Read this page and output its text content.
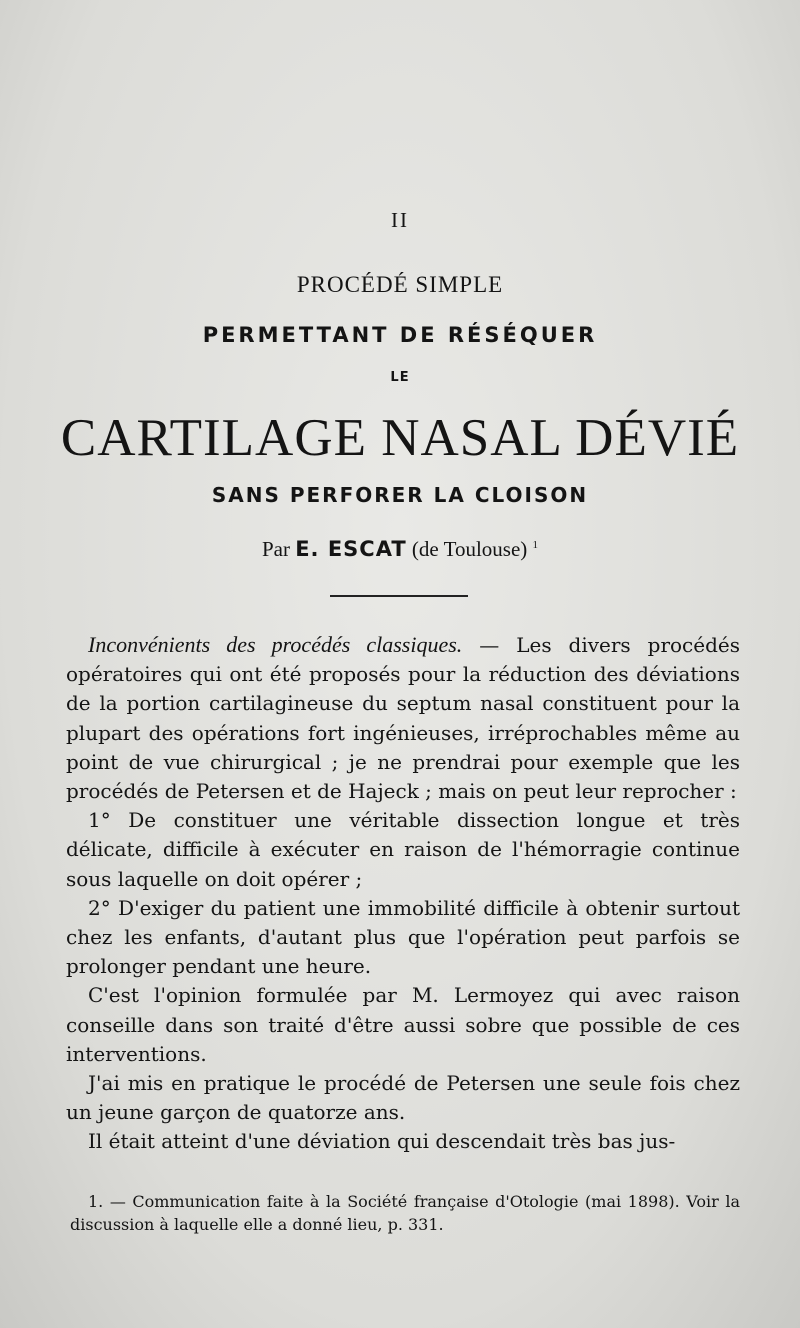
II
PROCÉDÉ SIMPLE
PERMETTANT DE RÉSÉQUER
LE
CARTILAGE NASAL DÉVIÉ
SANS PERFORER LA CLOISON
Par E. ESCAT (de Toulouse) $^1$

Inconvénients des procédés classiques. — Les divers procédés opératoires qui ont été proposés pour la réduction des déviations de la portion cartilagineuse du septum nasal constituent pour la plupart des opérations fort ingénieuses, irréprochables même au point de vue chirurgical ; je ne prendrai pour exemple que les procédés de Petersen et de Hajeck ; mais on peut leur reprocher :

1° De constituer une véritable dissection longue et très délicate, difficile à exécuter en raison de l'hémorragie continue sous laquelle on doit opérer ;

2° D'exiger du patient une immobilité difficile à obtenir surtout chez les enfants, d'autant plus que l'opération peut parfois se prolonger pendant une heure.

C'est l'opinion formulée par M. Lermoyez qui avec raison conseille dans son traité d'être aussi sobre que possible de ces interventions.

J'ai mis en pratique le procédé de Petersen une seule fois chez un jeune garçon de quatorze ans.

Il était atteint d'une déviation qui descendait très bas jus-

1. — Communication faite à la Société française d'Otologie (mai 1898). Voir la discussion à laquelle elle a donné lieu, p. 331.
